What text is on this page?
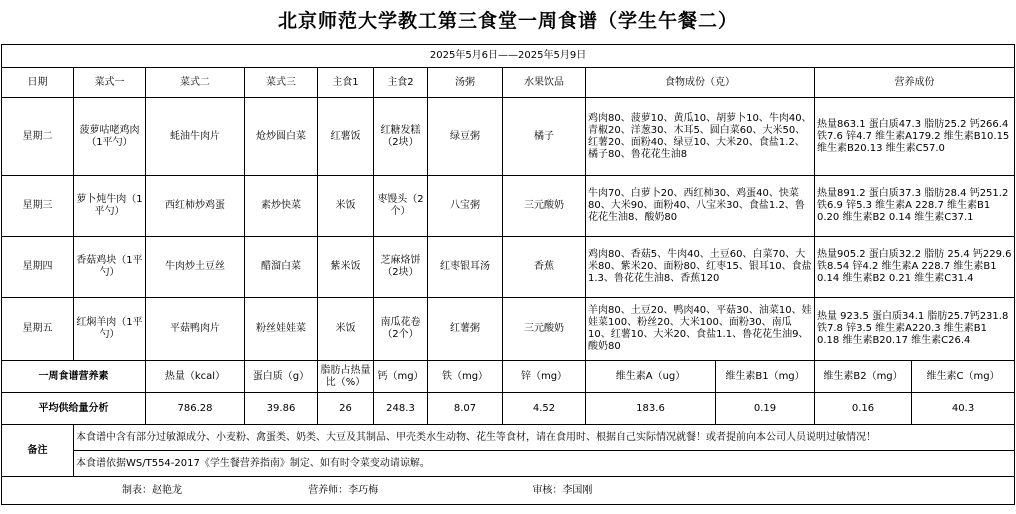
北京师范大学教工第三食堂一周食谱（学生午餐二）
2025年5月6日——2025年5月9日											
日期	菜式一	菜式二	菜式三	主食1	主食2	汤粥	水果饮品	食物成份（克）		营养成份	
星期二	菠萝咕咾鸡肉（1平勺）	蚝油牛肉片	炝炒圆白菜	红薯饭	红糖发糕（2块）	绿豆粥	橘子	鸡肉80、菠萝10、黄瓜10、胡萝卜10、牛肉40、青椒20、洋葱30、木耳5、圆白菜60、大米50、红薯20、面粉40、绿豆10、大米20、食盐1.2、橘子80、鲁花花生油8		热量863.1 蛋白质47.3 脂肪25.2 钙266.4 铁7.6 锌4.7 维生素A179.2 维生素B10.15 维生素B20.13 维生素C57.0	
星期三	萝卜炖牛肉（1平勺）	西红柿炒鸡蛋	素炒快菜	米饭	枣馒头（2个）	八宝粥	三元酸奶	牛肉70、白萝卜20、西红柿30、鸡蛋40、快菜80、大米90、面粉40、八宝米30、食盐1.2、鲁花花生油8、酸奶80		热量891.2 蛋白质37.3 脂肪28.4 钙251.2 铁6.9 锌5.3 维生素A 228.7 维生素B1 0.20 维生素B2 0.14 维生素C37.1	
星期四	香菇鸡块（1平勺）	牛肉炒土豆丝	醋溜白菜	紫米饭	芝麻烙饼（2块）	红枣银耳汤	香蕉	鸡肉80、香菇5、牛肉40、土豆60、白菜70、大米80、紫米20、面粉80、红枣15、银耳10、食盐1.3、鲁花花生油8、香蕉120		热量905.2 蛋白质32.2 脂肪 25.4 钙229.6 铁8.54 锌4.2 维生素A 228.7 维生素B1 0.14 维生素B2 0.21 维生素C31.4	
星期五	红焖羊肉（1平勺）	平菇鸭肉片	粉丝娃娃菜	米饭	南瓜花卷（2个）	红薯粥	三元酸奶	羊肉80、土豆20、鸭肉40、平菇30、油菜10、娃娃菜100、粉丝20、大米100、面粉30、南瓜10、红薯10、大米20、食盐1.1、鲁花花生油9、酸奶80		热量 923.5 蛋白质34.1 脂肪25.7钙231.8 铁7.8 锌3.5 维生素A220.3 维生素B1 0.18 维生素B20.17 维生素C26.4	
一周食谱营养素		热量（kcal）	蛋白质（g）	脂肪占热量比（%）	钙（mg）	铁（mg）	锌（mg）	维生素A（ug）	维生素B1（mg）	维生素B2（mg）	维生素C（mg）
平均供给量分析		786.28	39.86	26	248.3	8.07	4.52	183.6	0.19	0.16	40.3
备注	本食谱中含有部分过敏源成分、小麦粉、禽蛋类、奶类、大豆及其制品、甲壳类水生动物、花生等食材，请在食用时、根据自己实际情况就餐！或者提前向本公司人员说明过敏情况！										
	本食谱依据WS/T554-2017《学生餐营养指南》制定、如有时令菜变动请谅解。										
制表：赵艳龙 营养师：李巧梅 审核：李国刚											
